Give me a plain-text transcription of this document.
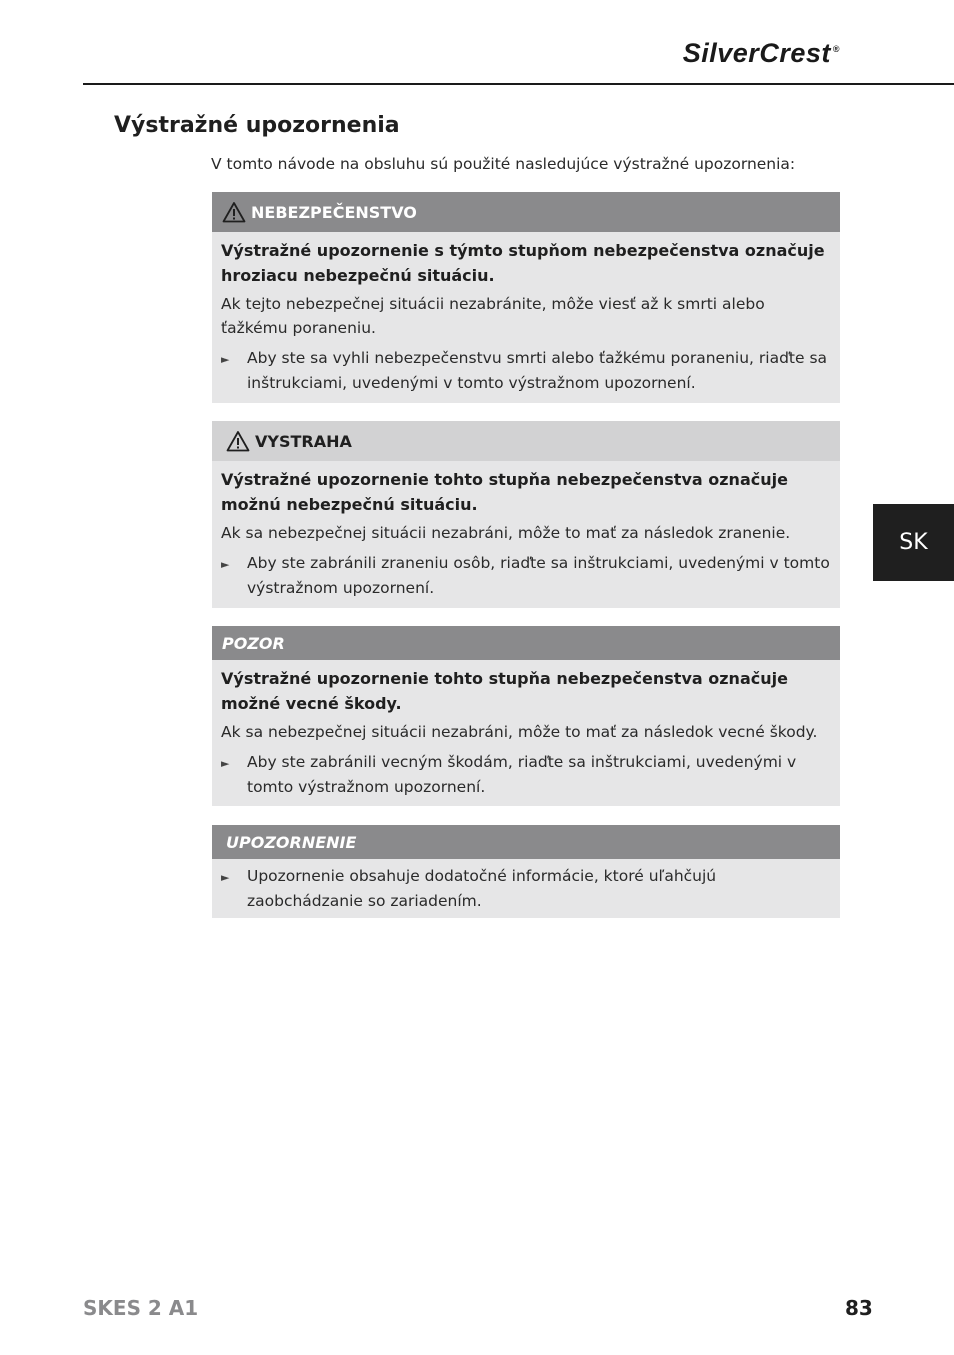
SilverCrest ®
Výstražné upozornenia
V tomto návode na obsluhu sú použité nasledujúce výstražné upozornenia:
NEBEZPEČENSTVO

Výstražné upozornenie s týmto stupňom nebezpečenstva označuje hroziacu nebezpečnú situáciu.

Ak tejto nebezpečnej situácii nezabránite, môže viesť až k smrti alebo ťažkému poraneniu.

►	Aby ste sa vyhli nebezpečenstvu smrti alebo ťažkému poraneniu, riaďte sa inštrukciami, uvedenými v tomto výstražnom upozornení.
VYSTRAHA

Výstražné upozornenie tohto stupňa nebezpečenstva označuje možnú nebezpečnú situáciu.

Ak sa nebezpečnej situácii nezabráni, môže to mať za následok zranenie.

►	Aby ste zabránili zraneniu osôb, riaďte sa inštrukciami, uvedenými v tomto výstražnom upozornení.
POZOR

Výstražné upozornenie tohto stupňa nebezpečenstva označuje možné vecné škody.

Ak sa nebezpečnej situácii nezabráni, môže to mať za následok vecné škody.

►	Aby ste zabránili vecným škodám, riaďte sa inštrukciami, uvedenými v tomto výstražnom upozornení.
UPOZORNENIE
►	Upozornenie obsahuje dodatočné informácie, ktoré uľahčujú zaobchádzanie so zariadením.
SK
SKES 2 A1	83
